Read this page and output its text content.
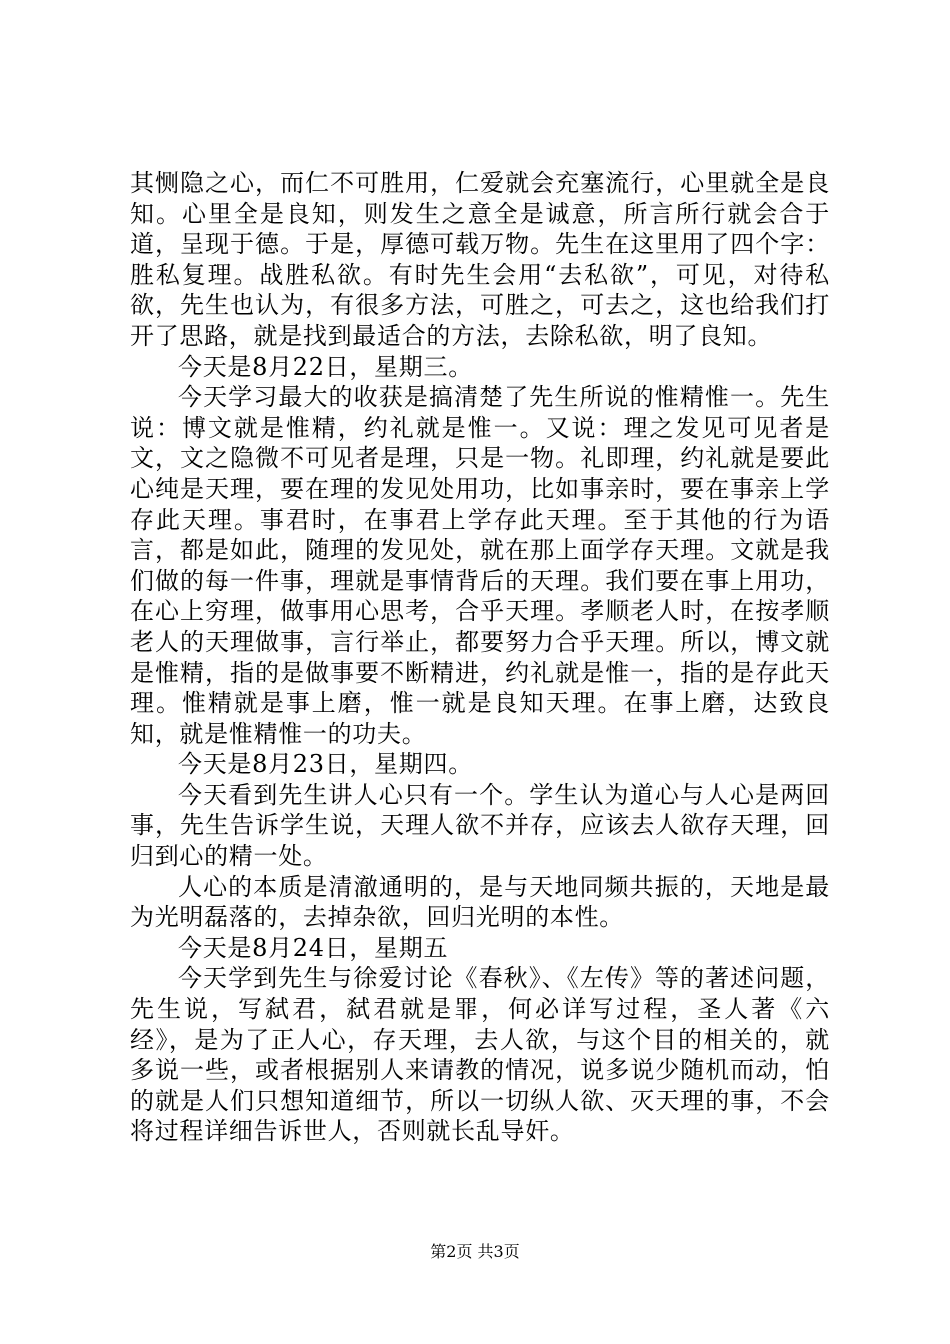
其恻隐之心，而仁不可胜用，仁爱就会充塞流行，心里就全是良知。心里全是良知，则发生之意全是诚意，所言所行就会合于道，呈现于德。于是，厚德可载万物。先生在这里用了四个字：胜私复理。战胜私欲。有时先生会用“去私欲”，可见，对待私欲，先生也认为，有很多方法，可胜之，可去之，这也给我们打开了思路，就是找到最适合的方法，去除私欲，明了良知。

今天是8月22日，星期三。

今天学习最大的收获是搞清楚了先生所说的惟精惟一。先生说：博文就是惟精，约礼就是惟一。又说：理之发见可见者是文，文之隐微不可见者是理，只是一物。礼即理，约礼就是要此心纯是天理，要在理的发见处用功，比如事亲时，要在事亲上学存此天理。事君时，在事君上学存此天理。至于其他的行为语言，都是如此，随理的发见处，就在那上面学存天理。文就是我们做的每一件事，理就是事情背后的天理。我们要在事上用功，在心上穷理，做事用心思考，合乎天理。孝顺老人时，在按孝顺老人的天理做事，言行举止，都要努力合乎天理。所以，博文就是惟精，指的是做事要不断精进，约礼就是惟一，指的是存此天理。惟精就是事上磨，惟一就是良知天理。在事上磨，达致良知，就是惟精惟一的功夫。

今天是8月23日，星期四。

今天看到先生讲人心只有一个。学生认为道心与人心是两回事，先生告诉学生说，天理人欲不并存，应该去人欲存天理，回归到心的精一处。

人心的本质是清澈通明的，是与天地同频共振的，天地是最为光明磊落的，去掉杂欲，回归光明的本性。

今天是8月24日，星期五

今天学到先生与徐爱讨论《春秋》、《左传》等的著述问题，先生说，写弑君，弑君就是罪，何必详写过程，圣人著《六经》，是为了正人心，存天理，去人欲，与这个目的相关的，就多说一些，或者根据别人来请教的情况，说多说少随机而动，怕的就是人们只想知道细节，所以一切纵人欲、灭天理的事，不会将过程详细告诉世人，否则就长乱导奸。

第2页 共3页
